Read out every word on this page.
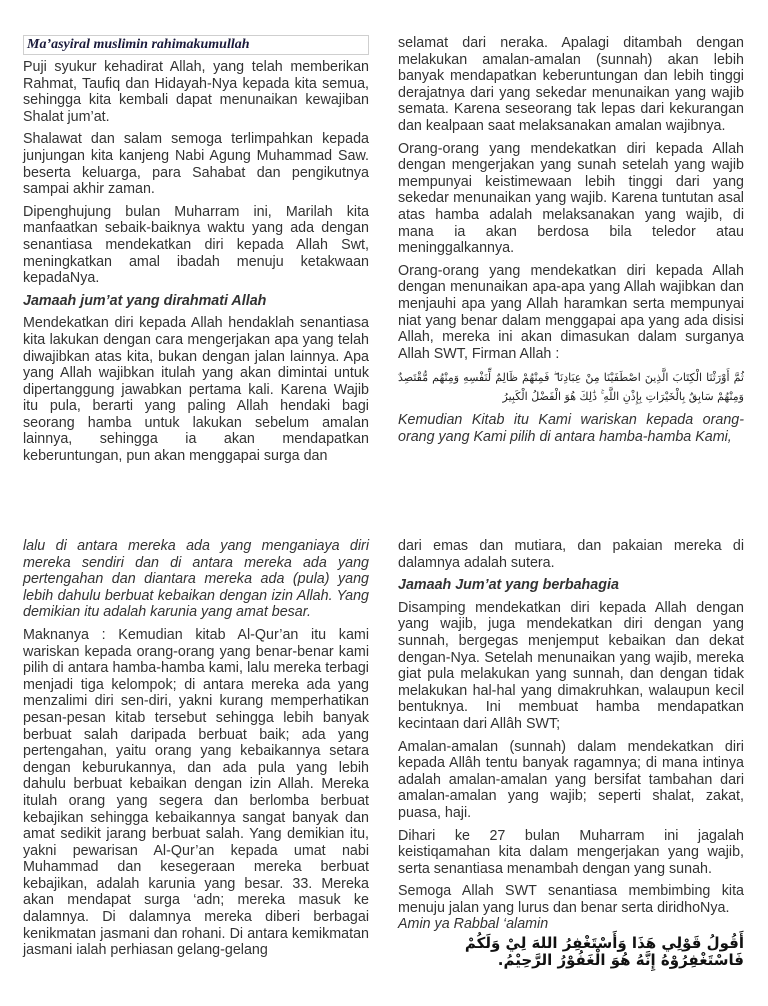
Ma’asyiral muslimin rahimakumullah

Puji syukur kehadirat Allah, yang telah memberikan Rahmat, Taufiq dan Hidayah-Nya kepada kita semua, sehingga kita kembali dapat menunaikan kewajiban Shalat jum’at.

Shalawat dan salam semoga terlimpahkan kepada junjungan kita kanjeng Nabi Agung Muhammad Saw. beserta keluarga, para Sahabat dan pengikutnya sampai akhir zaman.

Dipenghujung bulan Muharram ini, Marilah kita manfaatkan sebaik-baiknya waktu yang ada dengan senantiasa mendekatkan diri kepada Allah Swt, meningkatkan amal ibadah menuju ketakwaan kepadaNya.

Jamaah jum’at yang dirahmati Allah

Mendekatkan diri kepada Allah hendaklah senantiasa kita lakukan dengan cara mengerjakan apa yang telah diwajibkan atas kita, bukan dengan jalan lainnya. Apa yang Allah wajibkan itulah yang akan dimintai untuk dipertanggung jawabkan pertama kali. Karena Wajib itu pula, berarti yang paling Allah hendaki bagi seorang hamba untuk lakukan sebelum amalan lainnya, sehingga ia akan mendapatkan keberuntungan, pun akan menggapai surga dan

selamat dari neraka. Apalagi ditambah dengan melakukan amalan-amalan (sunnah) akan lebih banyak mendapatkan keberuntungan dan lebih tinggi derajatnya dari yang sekedar menunaikan yang wajib semata. Karena seseorang tak lepas dari kekurangan dan kealpaan saat melaksanakan amalan wajibnya.

Orang-orang yang mendekatkan diri kepada Allah dengan mengerjakan yang sunah setelah yang wajib mempunyai keistimewaan lebih tinggi dari yang sekedar menunaikan yang wajib. Karena tuntutan asal atas hamba adalah melaksanakan yang wajib, di mana ia akan berdosa bila teledor atau meninggalkannya.

Orang-orang yang mendekatkan diri kepada Allah dengan menunaikan apa-apa yang Allah wajibkan dan menjauhi apa yang Allah haramkan serta mempunyai niat yang benar dalam menggapai apa yang ada disisi Allah, mereka ini akan dimasukan dalam surganya Allah SWT, Firman Allah :

ثُمَّ أَوْرَثْنَا الْكِتَابَ الَّذِينَ اصْطَفَيْنَا مِنْ عِبَادِنَا ۖ فَمِنْهُمْ ظَالِمٌ لِّنَفْسِهِ وَمِنْهُم مُّقْتَصِدٌ وَمِنْهُمْ سَابِقٌ بِالْخَيْرَاتِ بِإِذْنِ اللَّهِ ۚ ذَٰلِكَ هُوَ الْفَضْلُ الْكَبِيرُ

Kemudian Kitab itu Kami wariskan kepada orang-orang yang Kami pilih di antara hamba-hamba Kami,

lalu di antara mereka ada yang menganiaya diri mereka sendiri dan di antara mereka ada yang pertengahan dan diantara mereka ada (pula) yang lebih dahulu berbuat kebaikan dengan izin Allah. Yang demikian itu adalah karunia yang amat besar.

Maknanya : Kemudian kitab Al-Qur’an itu kami wariskan kepada orang-orang yang benar-benar kami pilih di antara hamba-hamba kami, lalu mereka terbagi menjadi tiga kelompok; di antara mereka ada yang menzalimi diri sen-diri, yakni kurang memperhatikan pesan-pesan kitab tersebut sehingga lebih banyak berbuat salah daripada berbuat baik; ada yang pertengahan, yaitu orang yang kebaikannya setara dengan keburukannya, dan ada pula yang lebih dahulu berbuat kebaikan dengan izin Allah. Mereka itulah orang yang segera dan berlomba berbuat kebajikan sehingga kebaikannya sangat banyak dan amat sedikit jarang berbuat salah. Yang demikian itu, yakni pewarisan Al-Qur’an kepada umat nabi Muhammad dan kesegeraan mereka berbuat kebajikan, adalah karunia yang besar. 33. Mereka akan mendapat surga ‘adn; mereka masuk ke dalamnya. Di dalamnya mereka diberi berbagai kenikmatan jasmani dan rohani. Di antara kemikmatan jasmani ialah perhiasan gelang-gelang

dari emas dan mutiara, dan pakaian mereka di dalamnya adalah sutera.

Jamaah Jum’at yang berbahagia

Disamping mendekatkan diri kepada Allah dengan yang wajib, juga mendekatkan diri dengan yang sunnah, bergegas menjemput kebaikan dan dekat dengan-Nya. Setelah menunaikan yang wajib, mereka giat pula melakukan yang sunnah, dan dengan tidak melakukan hal-hal yang dimakruhkan, walaupun kecil bentuknya. Ini membuat hamba mendapatkan kecintaan dari Allâh SWT;

Amalan-amalan (sunnah) dalam mendekatkan diri kepada Allâh tentu banyak ragamnya; di mana intinya adalah amalan-amalan yang bersifat tambahan dari amalan-amalan yang wajib; seperti shalat, zakat, puasa, haji.

Dihari ke 27 bulan Muharram ini jagalah keistiqamahan kita dalam mengerjakan yang wajib, serta senantiasa menambah dengan yang sunah.

Semoga Allah SWT senantiasa membimbing kita menuju jalan yang lurus dan benar serta diridhoNya.

Amin ya Rabbal ‘alamin

أَقُولُ قَوْلِي هَذَا وَأَسْتَغْفِرُ اللهَ لِيْ وَلَكُمْ فَاسْتَغْفِرُوْهُ إِنَّهُ هُوَ الْغَفُوْرُ الرَّحِيْمُ.
